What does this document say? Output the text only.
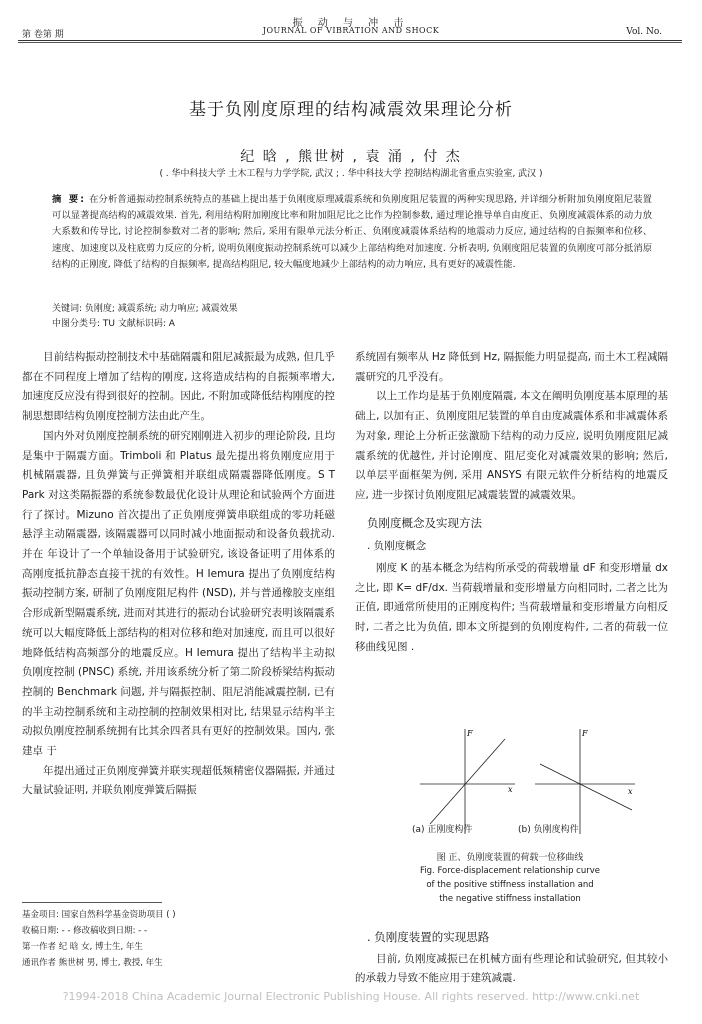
振 动 与 冲 击
JOURNAL OF VIBRATION AND SHOCK
第 卷第 期	Vol. No.
基于负刚度原理的结构减震效果理论分析
纪 晗 , 熊世树 , 袁 涌 , 付 杰
( . 华中科技大学 土木工程与力学学院, 武汉 ; . 华中科技大学 控制结构湖北省重点实验室, 武汉 )
摘 要: 在分析普通振动控制系统特点的基础上提出基于负刚度原理减震系统和负刚度阻尼装置的两种实现思路, 并详细分析附加负刚度阻尼装置可以显著提高结构的减震效果. 首先, 利用结构附加刚度比率和附加阻尼比之比作为控制参数, 通过理论推导单自由度正、负刚度减震体系的动力放大系数和传导比, 讨论控制参数对二者的影响; 然后, 采用有限单元法分析正、负刚度减震体系结构的地震动力反应, 通过结构的自振频率和位移、速度、加速度以及柱底剪力反应的分析, 说明负刚度振动控制系统可以减少上部结构绝对加速度. 分析表明, 负刚度阻尼装置的负刚度可部分抵消原结构的正刚度, 降低了结构的自振频率, 提高结构阻尼, 较大幅度地减少上部结构的动力响应, 具有更好的减震性能.
关键词: 负刚度; 减震系统; 动力响应; 减震效果
中图分类号: TU 文献标识码: A

目前结构振动控制技术中基础隔震和阻尼减振最为成熟, 但几乎都在不同程度上增加了结构的刚度, 这将造成结构的自振频率增大, 加速度反应没有得到很好的控制。因此, 不附加或降低结构刚度的控制思想即结构负刚度控制方法由此产生。

国内外对负刚度控制系统的研究刚刚进入初步的理论阶段, 且均是集中于隔震方面。Trimboli 和 Platus 最先提出将负刚度应用于机械隔震器, 且负弹簧与正弹簧相并联组成隔震器降低刚度。S T Park 对这类隔振器的系统参数最优化设计从理论和试验两个方面进行了探讨。Mizuno 首次提出了正负刚度弹簧串联组成的零功耗磁悬浮主动隔震器, 该隔震器可以同时减小地面振动和设备负载扰动. 并在 年设计了一个单轴设备用于试验研究, 该设备证明了用体系的高刚度抵抗静态直接干扰的有效性。H Iemura 提出了负刚度结构振动控制方案, 研制了负刚度阻尼构件 (NSD), 并与普通橡胶支座组合形成新型隔震系统, 进而对其进行的振动台试验研究表明该隔震系统可以大幅度降低上部结构的相对位移和绝对加速度, 而且可以很好地降低结构高频部分的地震反应。H Iemura 提出了结构半主动拟负刚度控制 (PNSC) 系统, 并用该系统分析了第二阶段桥梁结构振动控制的 Benchmark 问题, 并与隔振控制、阻尼消能减震控制, 已有的半主动控制系统和主动控制的控制效果相对比, 结果显示结构半主动拟负刚度控制系统拥有比其余四者具有更好的控制效果。国内, 张建卓 于

年提出通过正负刚度弹簧并联实现超低频精密仪器隔振, 并通过大量试验证明, 并联负刚度弹簧后隔振

系统固有频率从 Hz 降低到 Hz, 隔振能力明显提高, 而土木工程减隔震研究的几乎没有。

以上工作均是基于负刚度隔震, 本文在阐明负刚度基本原理的基础上, 以加有正、负刚度阻尼装置的单自由度减震体系和非减震体系为对象, 理论上分析正弦激励下结构的动力反应, 说明负刚度阻尼减震系统的优越性, 并讨论刚度、阻尼变化对减震效果的影响; 然后, 以单层平面框架为例, 采用 ANSYS 有限元软件分析结构的地震反应, 进一步探讨负刚度阻尼减震装置的减震效果。

负刚度概念及实现方法
. 负刚度概念

刚度 K 的基本概念为结构所承受的荷载增量 dF 和变形增量 dx 之比, 即 K= dF/dx. 当荷载增量和变形增量方向相同时, 二者之比为正值, 即通常所使用的正刚度构件; 当荷载增量和变形增量方向相反时, 二者之比为负值, 即本文所提到的负刚度构件, 二者的荷载一位移曲线见图 .

F
x
F
x
(a) 正刚度构件	(b) 负刚度构件
图 正、负刚度装置的荷载一位移曲线
Fig. Force-displacement relationship curve
of the positive stiffness installation and
the negative stiffness installation
. 负刚度装置的实现思路

目前, 负刚度减振已在机械方面有些理论和试验研究, 但其较小的承载力导致不能应用于建筑减震.

基金项目: 国家自然科学基金资助项目 ( )
收稿日期: - - 修改稿收到日期: - -
第一作者 纪 晗 女, 博士生, 年生
通讯作者 熊世树 男, 博士, 教授, 年生
?1994-2018 China Academic Journal Electronic Publishing House. All rights reserved. http://www.cnki.net
